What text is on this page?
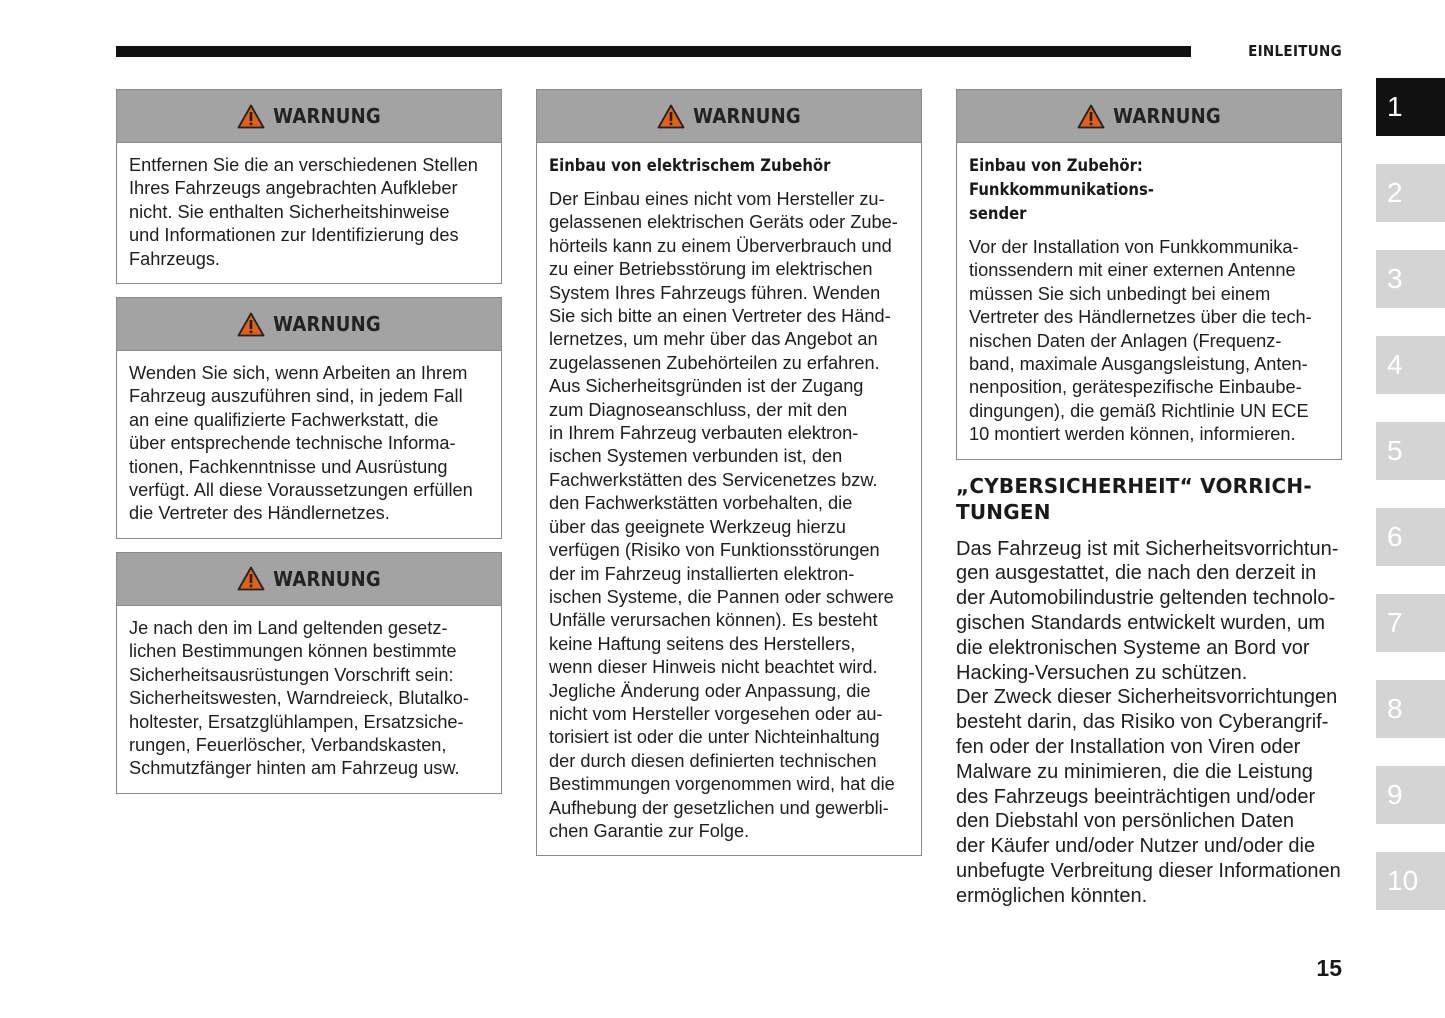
EINLEITUNG
WARNUNG
Entfernen Sie die an verschiedenen Stellen
Ihres Fahrzeugs angebrachten Aufkleber
nicht. Sie enthalten Sicherheitshinweise
und Informationen zur Identifizierung des
Fahrzeugs.
WARNUNG
Wenden Sie sich, wenn Arbeiten an Ihrem
Fahrzeug auszuführen sind, in jedem Fall
an eine qualifizierte Fachwerkstatt, die
über entsprechende technische Informa-
tionen, Fachkenntnisse und Ausrüstung
verfügt. All diese Voraussetzungen erfüllen
die Vertreter des Händlernetzes.
WARNUNG
Je nach den im Land geltenden gesetz-
lichen Bestimmungen können bestimmte
Sicherheitsausrüstungen Vorschrift sein:
Sicherheitswesten, Warndreieck, Blutalko-
holtester, Ersatzglühlampen, Ersatzsiche-
rungen, Feuerlöscher, Verbandskasten,
Schmutzfänger hinten am Fahrzeug usw.
WARNUNG
Einbau von elektrischem Zubehör
Der Einbau eines nicht vom Hersteller zu-
gelassenen elektrischen Geräts oder Zube-
hörteils kann zu einem Überverbrauch und
zu einer Betriebsstörung im elektrischen
System Ihres Fahrzeugs führen. Wenden
Sie sich bitte an einen Vertreter des Händ-
lernetzes, um mehr über das Angebot an
zugelassenen Zubehörteilen zu erfahren.
Aus Sicherheitsgründen ist der Zugang
zum Diagnoseanschluss, der mit den
in Ihrem Fahrzeug verbauten elektron-
ischen Systemen verbunden ist, den
Fachwerkstätten des Servicenetzes bzw.
den Fachwerkstätten vorbehalten, die
über das geeignete Werkzeug hierzu
verfügen (Risiko von Funktionsstörungen
der im Fahrzeug installierten elektron-
ischen Systeme, die Pannen oder schwere
Unfälle verursachen können). Es besteht
keine Haftung seitens des Herstellers,
wenn dieser Hinweis nicht beachtet wird.
Jegliche Änderung oder Anpassung, die
nicht vom Hersteller vorgesehen oder au-
torisiert ist oder die unter Nichteinhaltung
der durch diesen definierten technischen
Bestimmungen vorgenommen wird, hat die
Aufhebung der gesetzlichen und gewerbli-
chen Garantie zur Folge.
WARNUNG
Einbau von Zubehör: Funkkommunikations-
sender
Vor der Installation von Funkkommunika-
tionssendern mit einer externen Antenne
müssen Sie sich unbedingt bei einem
Vertreter des Händlernetzes über die tech-
nischen Daten der Anlagen (Frequenz-
band, maximale Ausgangsleistung, Anten-
nenposition, gerätespezifische Einbaube-
dingungen), die gemäß Richtlinie UN ECE
10 montiert werden können, informieren.
„CYBERSICHERHEIT“ VORRICH-
TUNGEN
Das Fahrzeug ist mit Sicherheitsvorrichtun-
gen ausgestattet, die nach den derzeit in
der Automobilindustrie geltenden technolo-
gischen Standards entwickelt wurden, um
die elektronischen Systeme an Bord vor
Hacking-Versuchen zu schützen.
Der Zweck dieser Sicherheitsvorrichtungen
besteht darin, das Risiko von Cyberangrif-
fen oder der Installation von Viren oder
Malware zu minimieren, die die Leistung
des Fahrzeugs beeinträchtigen und/oder
den Diebstahl von persönlichen Daten
der Käufer und/oder Nutzer und/oder die
unbefugte Verbreitung dieser Informationen
ermöglichen könnten.
1
2
3
4
5
6
7
8
9
10
15
